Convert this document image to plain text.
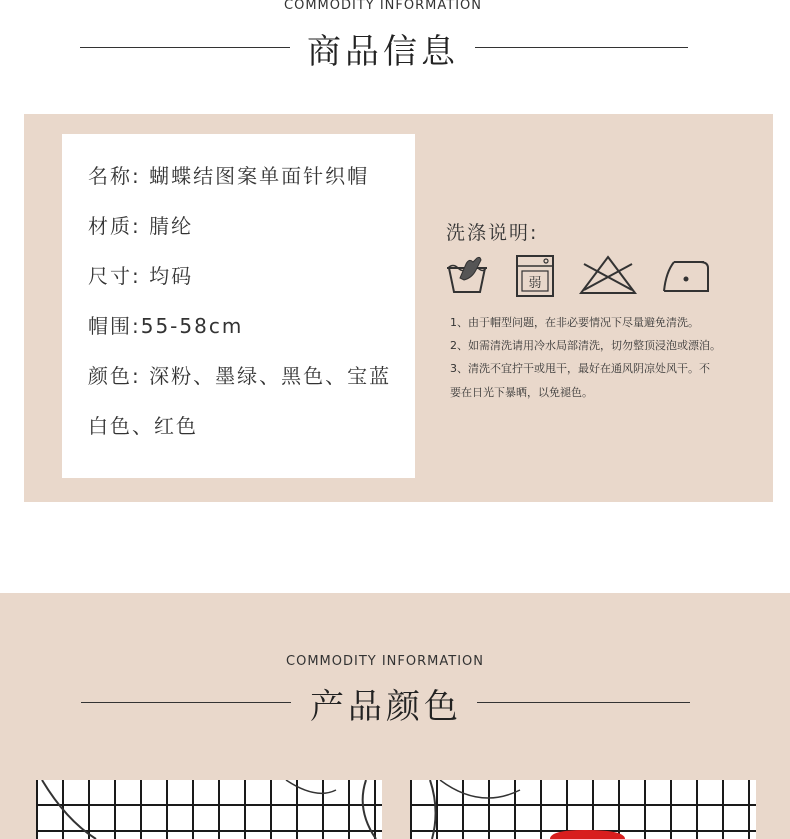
COMMODITY INFORMATION
商品信息
名称: 蝴蝶结图案单面针织帽
材质: 腈纶
尺寸: 均码
帽围:55-58cm
颜色: 深粉、墨绿、黑色、宝蓝
白色、红色
洗涤说明:
弱
1、由于帽型问题，在非必要情况下尽量避免清洗。
2、如需清洗请用冷水局部清洗，切勿整顶浸泡或漂洎。
3、清洗不宜拧干或甩干，最好在通风阴凉处风干。不
要在日光下暴晒，以免褪色。
COMMODITY INFORMATION
产品颜色
